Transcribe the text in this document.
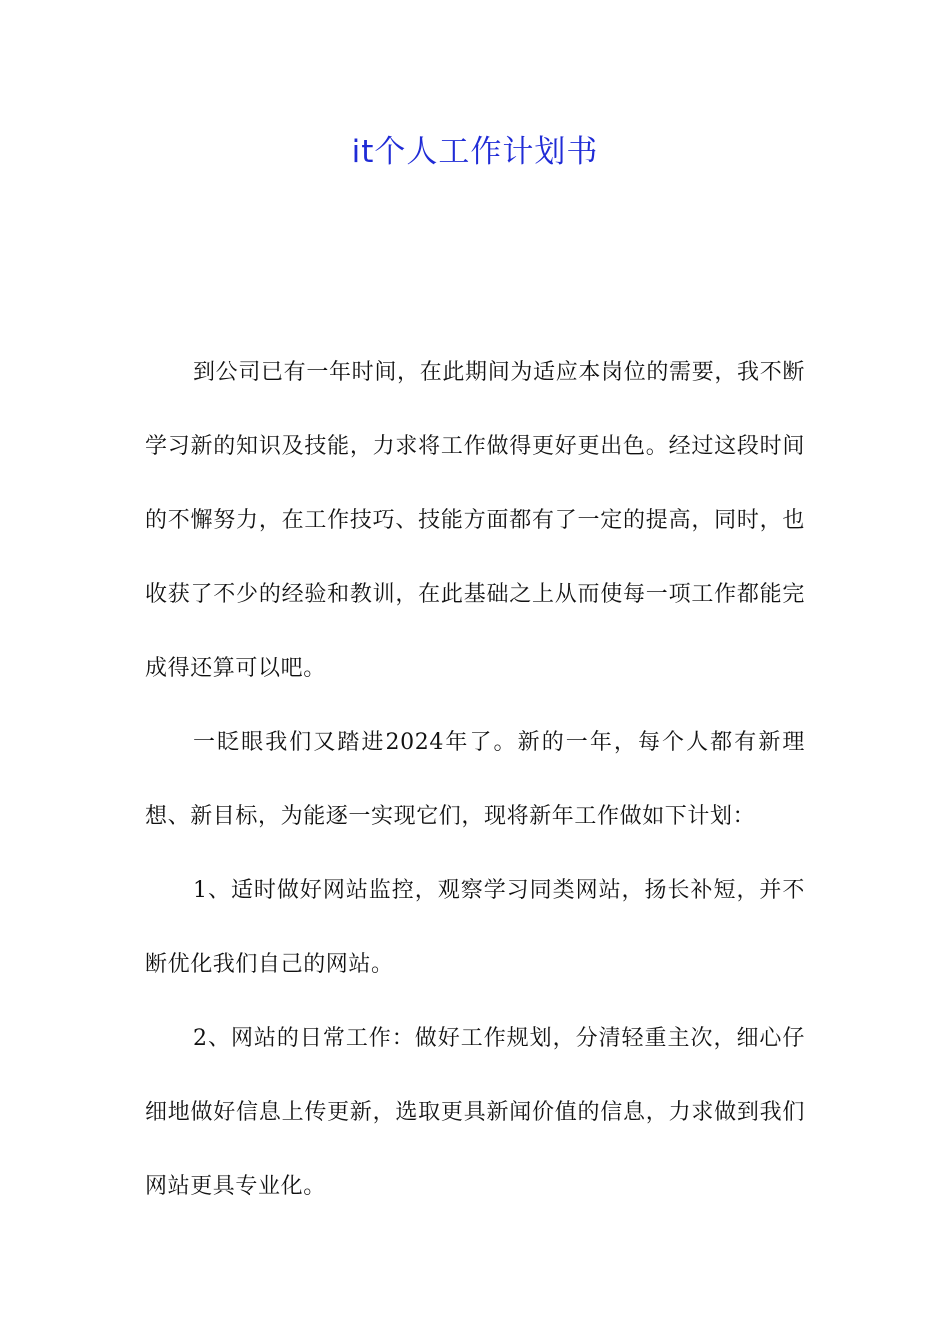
it个人工作计划书

到公司已有一年时间，在此期间为适应本岗位的需要，我不断学习新的知识及技能，力求将工作做得更好更出色。经过这段时间的不懈努力，在工作技巧、技能方面都有了一定的提高，同时，也收获了不少的经验和教训，在此基础之上从而使每一项工作都能完成得还算可以吧。

一眨眼我们又踏进2024年了。新的一年，每个人都有新理想、新目标，为能逐一实现它们，现将新年工作做如下计划：

1、适时做好网站监控，观察学习同类网站，扬长补短，并不断优化我们自己的网站。

2、网站的日常工作：做好工作规划，分清轻重主次，细心仔细地做好信息上传更新，选取更具新闻价值的信息，力求做到我们网站更具专业化。
